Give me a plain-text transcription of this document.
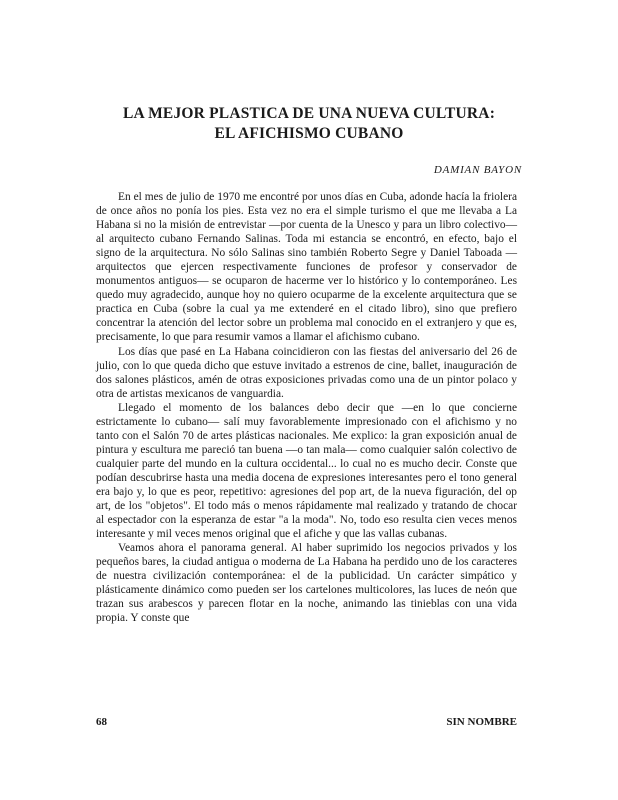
LA MEJOR PLASTICA DE UNA NUEVA CULTURA:
EL AFICHISMO CUBANO
DAMIAN BAYON

En el mes de julio de 1970 me encontré por unos días en Cuba, adonde hacía la friolera de once años no ponía los pies. Esta vez no era el simple turismo el que me llevaba a La Habana si no la misión de entrevistar —por cuenta de la Unesco y para un libro colectivo— al arquitecto cubano Fernando Salinas. Toda mi estancia se encontró, en efecto, bajo el signo de la arquitectura. No sólo Salinas sino también Roberto Segre y Daniel Taboada —arquitectos que ejercen respectivamente funciones de profesor y conservador de monumentos antiguos— se ocuparon de hacerme ver lo histórico y lo contemporáneo. Les quedo muy agradecido, aunque hoy no quiero ocuparme de la excelente arquitectura que se practica en Cuba (sobre la cual ya me extenderé en el citado libro), sino que prefiero concentrar la atención del lector sobre un problema mal conocido en el extranjero y que es, precisamente, lo que para resumir vamos a llamar el afichismo cubano.

Los días que pasé en La Habana coincidieron con las fiestas del aniversario del 26 de julio, con lo que queda dicho que estuve invitado a estrenos de cine, ballet, inauguración de dos salones plásticos, amén de otras exposiciones privadas como una de un pintor polaco y otra de artistas mexicanos de vanguardia.

Llegado el momento de los balances debo decir que —en lo que concierne estrictamente lo cubano— salí muy favorablemente impresionado con el afichismo y no tanto con el Salón 70 de artes plásticas nacionales. Me explico: la gran exposición anual de pintura y escultura me pareció tan buena —o tan mala— como cualquier salón colectivo de cualquier parte del mundo en la cultura occidental... lo cual no es mucho decir. Conste que podían descubrirse hasta una media docena de expresiones interesantes pero el tono general era bajo y, lo que es peor, repetitivo: agresiones del pop art, de la nueva figuración, del op art, de los "objetos". El todo más o menos rápidamente mal realizado y tratando de chocar al espectador con la esperanza de estar "a la moda". No, todo eso resulta cien veces menos interesante y mil veces menos original que el afiche y que las vallas cubanas.

Veamos ahora el panorama general. Al haber suprimido los negocios privados y los pequeños bares, la ciudad antigua o moderna de La Habana ha perdido uno de los caracteres de nuestra civilización contemporánea: el de la publicidad. Un carácter simpático y plásticamente dinámico como pueden ser los cartelones multicolores, las luces de neón que trazan sus arabescos y parecen flotar en la noche, animando las tinieblas con una vida propia. Y conste que

68	SIN NOMBRE
